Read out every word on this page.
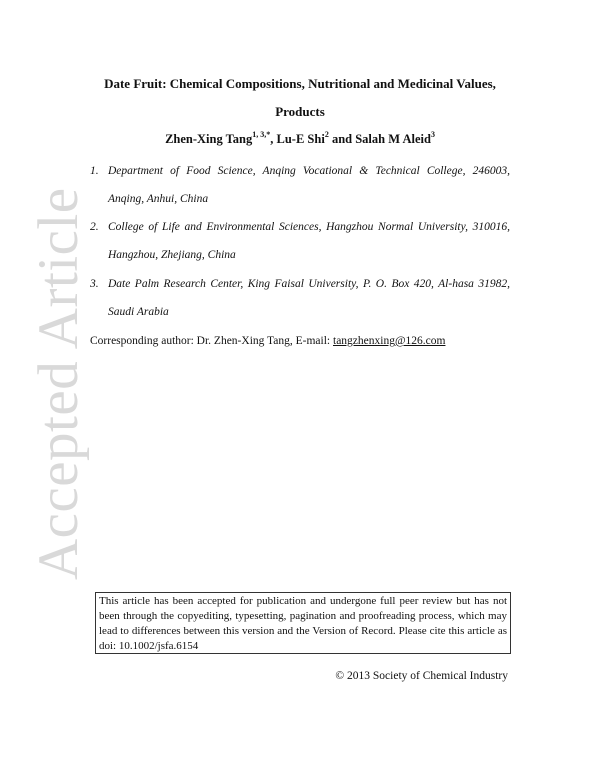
Accepted Article
Date Fruit: Chemical Compositions, Nutritional and Medicinal Values,
Products
Zhen-Xing Tang$^{1, 3,*}$, Lu-E Shi$^2$ and Salah M Aleid$^3$
1. Department of Food Science, Anqing Vocational & Technical College, 246003, Anqing, Anhui, China
2. College of Life and Environmental Sciences, Hangzhou Normal University, 310016, Hangzhou, Zhejiang, China
3. Date Palm Research Center, King Faisal University, P. O. Box 420, Al-hasa 31982, Saudi Arabia
Corresponding author: Dr. Zhen-Xing Tang, E-mail: tangzhenxing@126.com
This article has been accepted for publication and undergone full peer review but has not been through the copyediting, typesetting, pagination and proofreading process, which may lead to differences between this version and the Version of Record. Please cite this article as doi: 10.1002/jsfa.6154
© 2013 Society of Chemical Industry
